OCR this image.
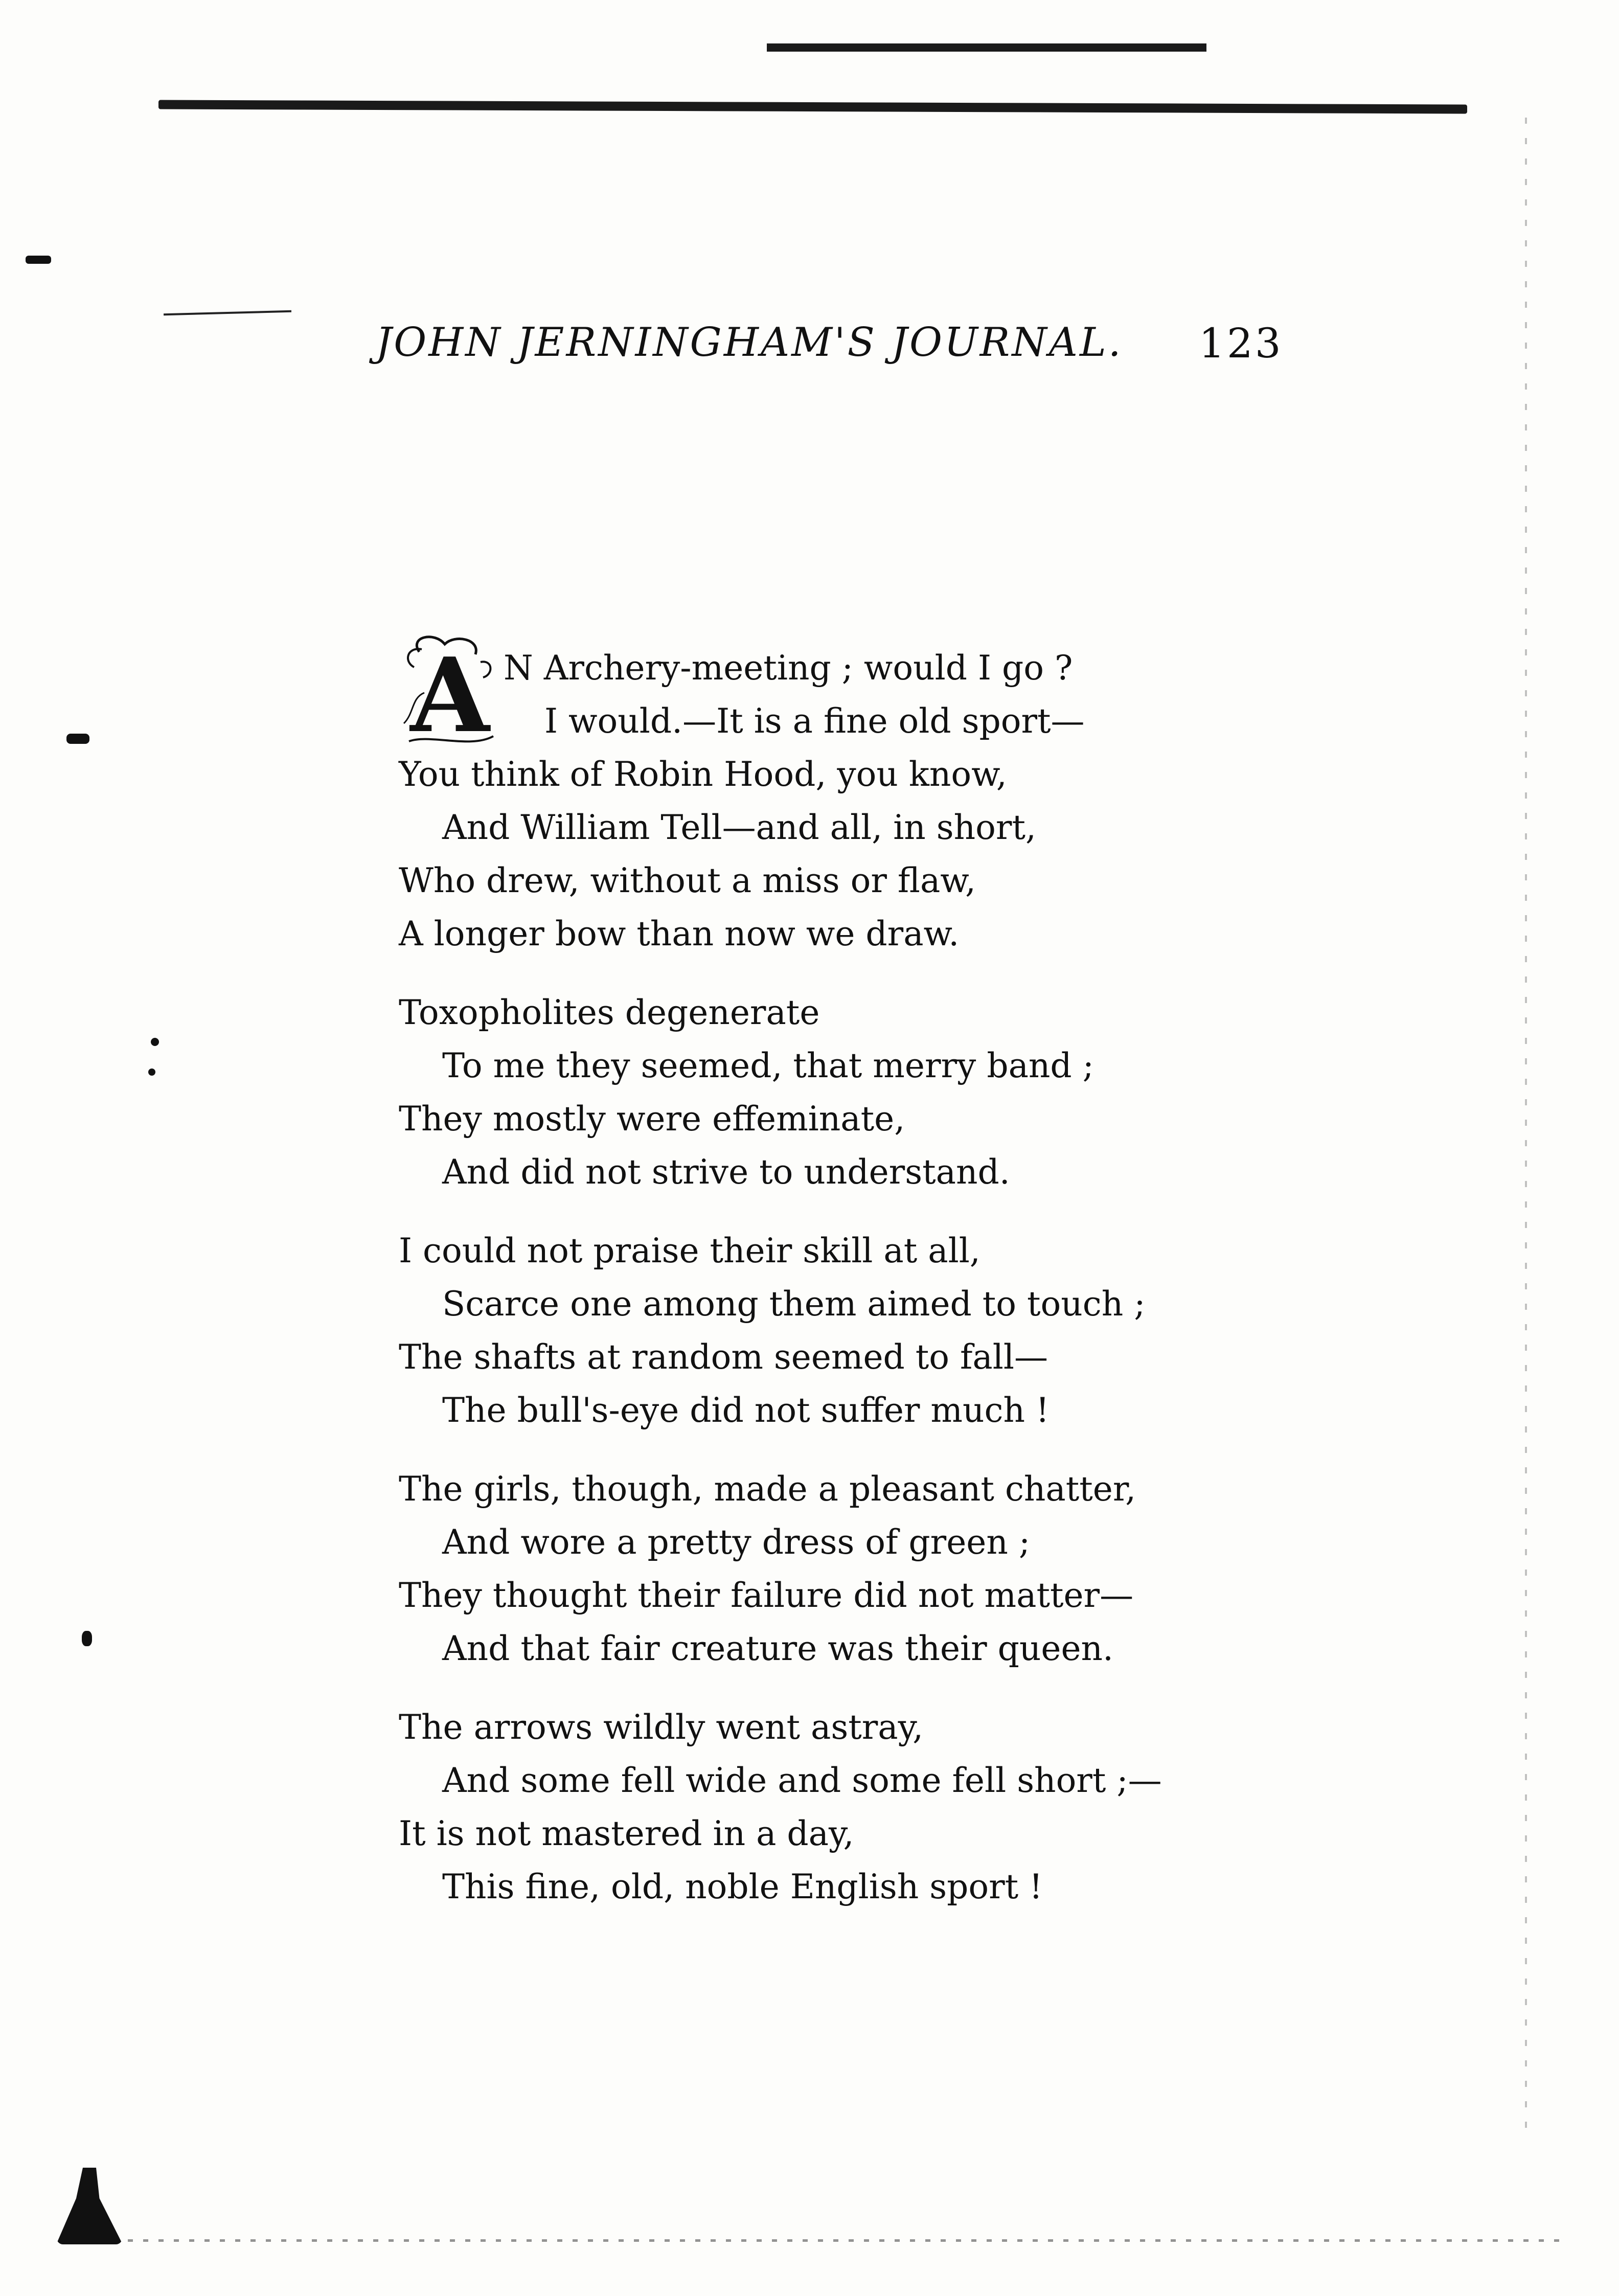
JOHN JERNINGHAM'S JOURNAL. 123
A N Archery-meeting ; would I go ?
I would.—It is a fine old sport—
You think of Robin Hood, you know,
And William Tell—and all, in short,
Who drew, without a miss or flaw,
A longer bow than now we draw.
Toxopholites degenerate
To me they seemed, that merry band ;
They mostly were effeminate,
And did not strive to understand.
I could not praise their skill at all,
Scarce one among them aimed to touch ;
The shafts at random seemed to fall—
The bull's-eye did not suffer much !
The girls, though, made a pleasant chatter,
And wore a pretty dress of green ;
They thought their failure did not matter—
And that fair creature was their queen.
The arrows wildly went astray,
And some fell wide and some fell short ;—
It is not mastered in a day,
This fine, old, noble English sport !
